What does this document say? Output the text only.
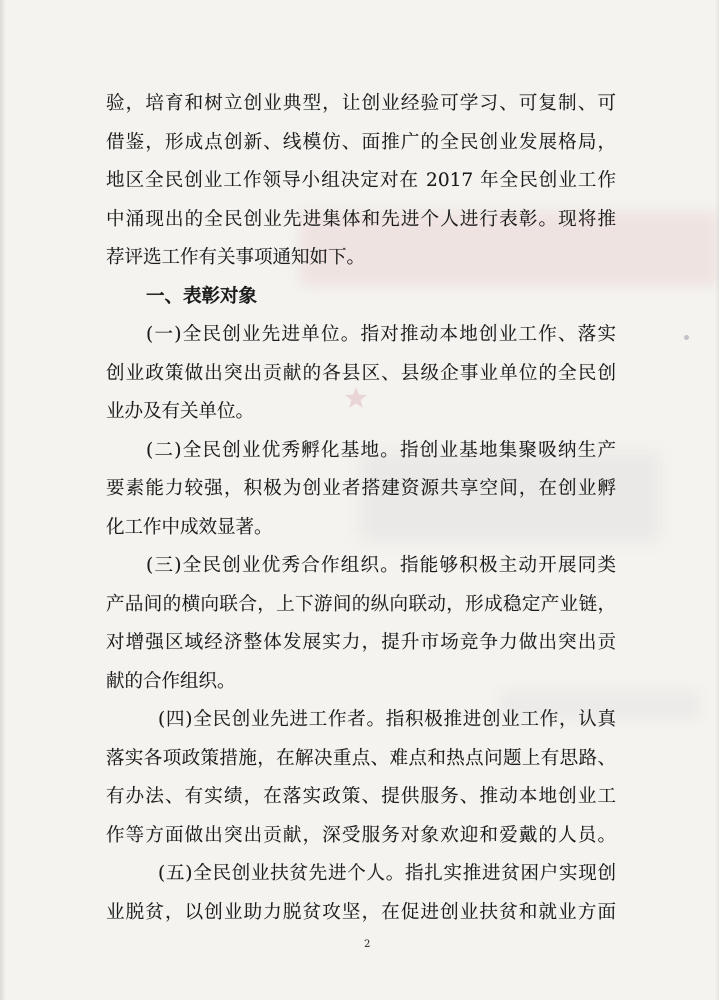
验，培育和树立创业典型，让创业经验可学习、可复制、可
借鉴，形成点创新、线模仿、面推广的全民创业发展格局，
地区全民创业工作领导小组决定对在 2017 年全民创业工作
中涌现出的全民创业先进集体和先进个人进行表彰。现将推
荐评选工作有关事项通知如下。
一、表彰对象
(一)全民创业先进单位。指对推动本地创业工作、落实
创业政策做出突出贡献的各县区、县级企事业单位的全民创
业办及有关单位。
(二)全民创业优秀孵化基地。指创业基地集聚吸纳生产
要素能力较强，积极为创业者搭建资源共享空间，在创业孵
化工作中成效显著。
(三)全民创业优秀合作组织。指能够积极主动开展同类
产品间的横向联合，上下游间的纵向联动，形成稳定产业链，
对增强区域经济整体发展实力，提升市场竞争力做出突出贡
献的合作组织。
(四)全民创业先进工作者。指积极推进创业工作，认真
落实各项政策措施，在解决重点、难点和热点问题上有思路、
有办法、有实绩，在落实政策、提供服务、推动本地创业工
作等方面做出突出贡献，深受服务对象欢迎和爱戴的人员。
(五)全民创业扶贫先进个人。指扎实推进贫困户实现创
业脱贫，以创业助力脱贫攻坚，在促进创业扶贫和就业方面
2
